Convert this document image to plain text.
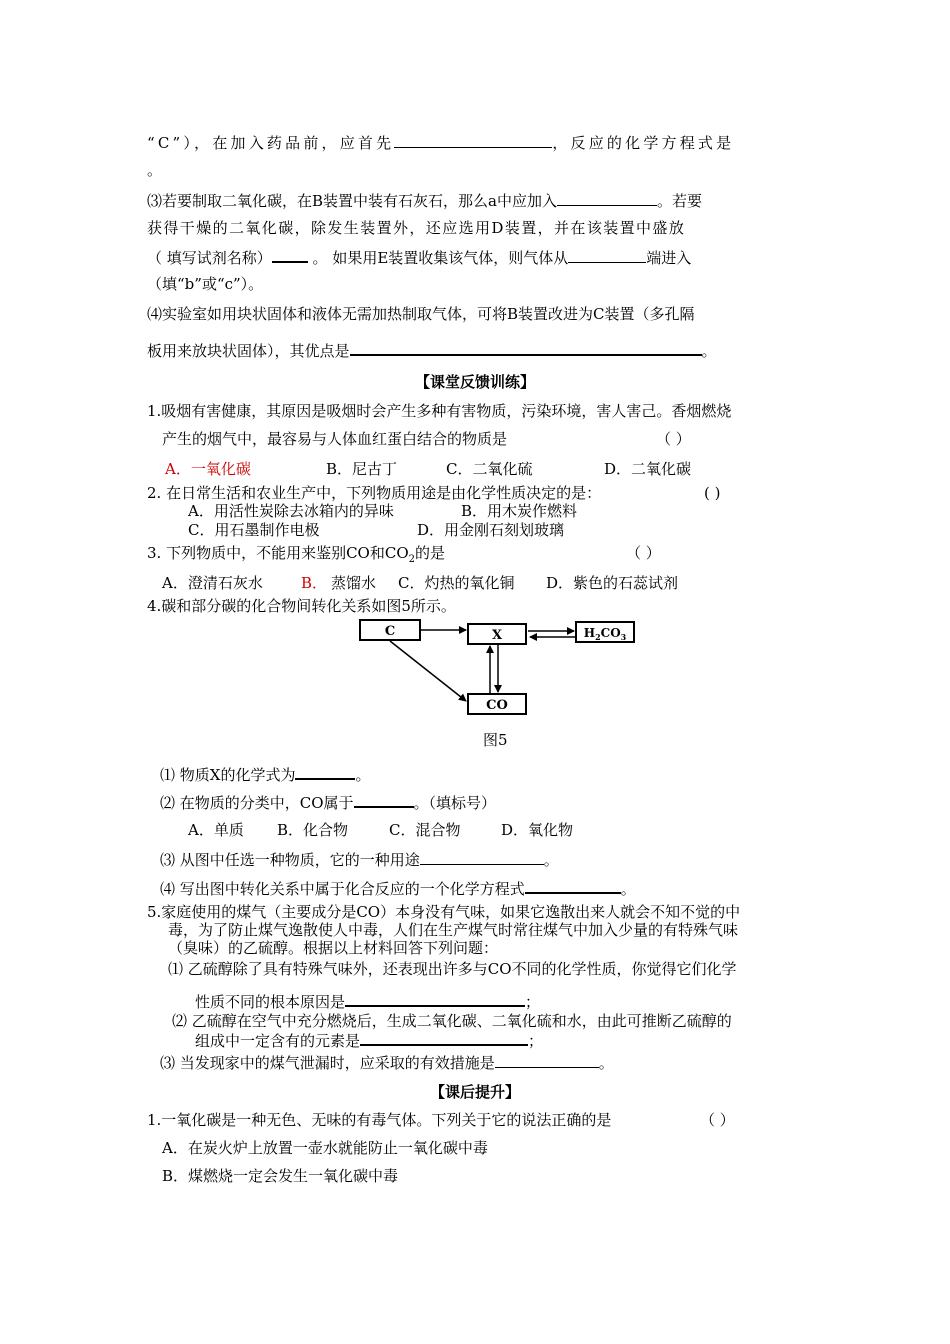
“C”），在加入药品前，应首先	，反应的化学方程式是
。
⑶若要制取二氧化碳，在B装置中装有石灰石，那么a中应加入	。若要
获得干燥的二氧化碳，除发生装置外，还应选用D装置，并在该装置中盛放
（ 填写试剂名称） 。 如果用E装置收集该气体，则气体从	端进入
（填“b”或“c”）。
⑷实验室如用块状固体和液体无需加热制取气体，可将B装置改进为C装置（多孔隔
板用来放块状固体），其优点是	。
【课堂反馈训练】
1.吸烟有害健康，其原因是吸烟时会产生多种有害物质，污染环境，害人害己。香烟燃烧
产生的烟气中，最容易与人体血红蛋白结合的物质是	（ ）
A．一氧化碳	B．尼古丁	C．二氧化硫	D．二氧化碳
2. 在日常生活和农业生产中，下列物质用途是由化学性质决定的是：	( )
A．用活性炭除去冰箱内的异味	B．用木炭作燃料
C．用石墨制作电极	D．用金刚石刻划玻璃
3. 下列物质中，不能用来鉴别CO和$CO_2$的是	（ ）
A．澄清石灰水	B． 蒸馏水 C．灼热的氧化铜 D．紫色的石蕊试剂
4.碳和部分碳的化合物间转化关系如图5所示。
C	X	$H_2CO_3$
CO
图5
⑴ 物质X的化学式为	。
⑵ 在物质的分类中，CO属于	。（填标号）
A．单质 B．化合物	C．混合物	D．氧化物
⑶ 从图中任选一种物质，它的一种用途	。
⑷ 写出图中转化关系中属于化合反应的一个化学方程式	。
5.家庭使用的煤气（主要成分是CO）本身没有气味，如果它逸散出来人就会不知不觉的中
毒，为了防止煤气逸散使人中毒，人们在生产煤气时常往煤气中加入少量的有特殊气味
（臭味）的乙硫醇。根据以上材料回答下列问题：
⑴ 乙硫醇除了具有特殊气味外，还表现出许多与CO不同的化学性质，你觉得它们化学
性质不同的根本原因是	；
⑵ 乙硫醇在空气中充分燃烧后，生成二氧化碳、二氧化硫和水，由此可推断乙硫醇的
组成中一定含有的元素是	；
⑶ 当发现家中的煤气泄漏时，应采取的有效措施是	。
【课后提升】
1.一氧化碳是一种无色、无味的有毒气体。下列关于它的说法正确的是	（ ）
A．在炭火炉上放置一壶水就能防止一氧化碳中毒
B．煤燃烧一定会发生一氧化碳中毒
